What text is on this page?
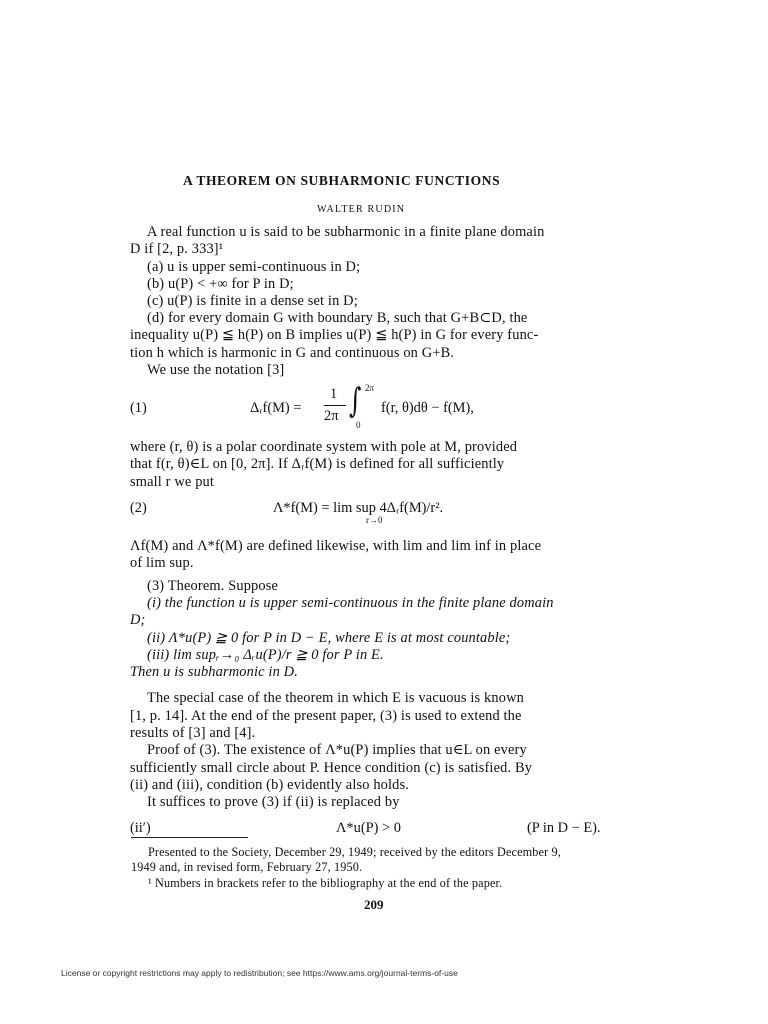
A THEOREM ON SUBHARMONIC FUNCTIONS
WALTER RUDIN
A real function u is said to be subharmonic in a finite plane domain
D if [2, p. 333]¹
(a) u is upper semi-continuous in D;
(b) u(P) < +∞ for P in D;
(c) u(P) is finite in a dense set in D;
(d) for every domain G with boundary B, such that G+B⊂D, the
inequality u(P) ≦ h(P) on B implies u(P) ≦ h(P) in G for every func-
tion h which is harmonic in G and continuous on G+B.
We use the notation [3]
(1)	Δᵣf(M) =
1
2π ∫ 2π
0
f(r, θ)dθ − f(M),
where (r, θ) is a polar coordinate system with pole at M, provided
that f(r, θ)∈L on [0, 2π]. If Δᵣf(M) is defined for all sufficiently
small r we put
(2)	Λ*f(M) = lim sup 4Δᵣf(M)/r².
r→0
Λf(M) and Λ*f(M) are defined likewise, with lim and lim inf in place
of lim sup.
(3) Theorem. Suppose
(i) the function u is upper semi-continuous in the finite plane domain
D;
(ii) Λ*u(P) ≧ 0 for P in D − E, where E is at most countable;
(iii) lim supᵣ→₀ Δᵣu(P)/r ≧ 0 for P in E.
Then u is subharmonic in D.
The special case of the theorem in which E is vacuous is known
[1, p. 14]. At the end of the present paper, (3) is used to extend the
results of [3] and [4].
Proof of (3). The existence of Λ*u(P) implies that u∈L on every
sufficiently small circle about P. Hence condition (c) is satisfied. By
(ii) and (iii), condition (b) evidently also holds.
It suffices to prove (3) if (ii) is replaced by
(ii′)	Λ*u(P) > 0	(P in D − E).
Presented to the Society, December 29, 1949; received by the editors December 9,
1949 and, in revised form, February 27, 1950.
¹ Numbers in brackets refer to the bibliography at the end of the paper.
209
License or copyright restrictions may apply to redistribution; see https://www.ams.org/journal-terms-of-use
